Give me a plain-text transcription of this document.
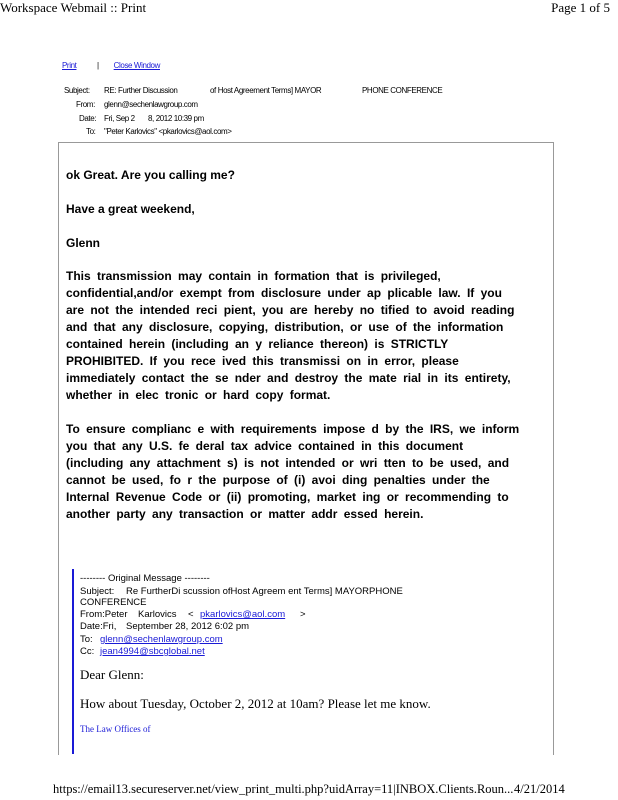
Workspace Webmail :: Print	Page 1 of 5
Print	| Close Window
Subject: RE: Further Discussion	of Host Agreement Terms] MAYOR	PHONE CONFERENCE
From: glenn@sechenlawgroup.com
Date: Fri, Sep 2 8, 2012 10:39 pm
To: "Peter Karlovics" <pkarlovics@aol.com>
ok Great. Are you calling me?
Have a great weekend,
Glenn
This transmission may contain in formation that is privileged,
confidential,and/or exempt from disclosure under ap plicable law. If you
are not the intended reci pient, you are hereby no tified to avoid reading
and that any disclosure, copying, distribution, or use of the information
contained herein (including an y reliance thereon) is STRICTLY
PROHIBITED. If you rece ived this transmissi on in error, please
immediately contact the se nder and destroy the mate rial in its entirety,
whether in elec tronic or hard copy format.
To ensure complianc e with requirements impose d by the IRS, we inform
you that any U.S. fe deral tax advice contained in this document
(including any attachment s) is not intended or wri tten to be used, and
cannot be used, fo r the purpose of (i) avoi ding penalties under the
Internal Revenue Code or (ii) promoting, market ing or recommending to
another party any transaction or matter addr essed herein.
-------- Original Message --------
Subject: Re FurtherDi scussion ofHost Agreem ent Terms] MAYORPHONE
CONFERENCE
From:Peter Karlovics < pkarlovics@aol.com >
Date:Fri, September 28, 2012 6:02 pm
To: glenn@sechenlawgroup.com
Cc: jean4994@sbcglobal.net
Dear Glenn:
How about Tuesday, October 2, 2012 at 10am? Please let me know.
The Law Offices of
https://email13.secureserver.net/view_print_multi.php?uidArray=11|INBOX.Clients.Roun... 4/21/2014
